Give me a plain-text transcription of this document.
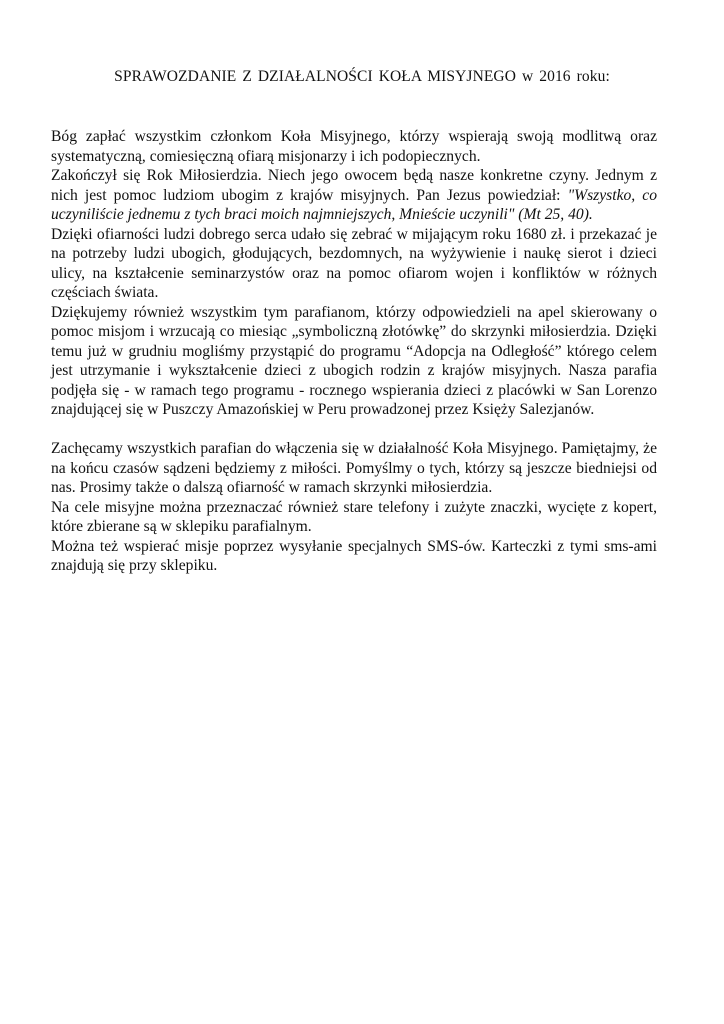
SPRAWOZDANIE Z DZIAŁALNOŚCI KOŁA MISYJNEGO w 2016 roku:

Bóg zapłać wszystkim członkom Koła Misyjnego, którzy wspierają swoją modlitwą oraz systematyczną, comiesięczną ofiarą misjonarzy i ich podopiecznych.

Zakończył się Rok Miłosierdzia. Niech jego owocem będą nasze konkretne czyny. Jednym z nich jest pomoc ludziom ubogim z krajów misyjnych. Pan Jezus powiedział: "Wszystko, co uczyniliście jednemu z tych braci moich najmniejszych, Mnieście uczynili" (Mt 25, 40).

Dzięki ofiarności ludzi dobrego serca udało się zebrać w mijającym roku 1680 zł. i przekazać je na potrzeby ludzi ubogich, głodujących, bezdomnych, na wyżywienie i naukę sierot i dzieci ulicy, na kształcenie seminarzystów oraz na pomoc ofiarom wojen i konfliktów w różnych częściach świata.

Dziękujemy również wszystkim tym parafianom, którzy odpowiedzieli na apel skierowany o pomoc misjom i wrzucają co miesiąc „symboliczną złotówkę” do skrzynki miłosierdzia. Dzięki temu już w grudniu mogliśmy przystąpić do programu “Adopcja na Odległość” którego celem jest utrzymanie i wykształcenie dzieci z ubogich rodzin z krajów misyjnych. Nasza parafia podjęła się - w ramach tego programu - rocznego wspierania dzieci z placówki w San Lorenzo znajdującej się w Puszczy Amazońskiej w Peru prowadzonej przez Księży Salezjanów.

Zachęcamy wszystkich parafian do włączenia się w działalność Koła Misyjnego. Pamiętajmy, że na końcu czasów sądzeni będziemy z miłości. Pomyślmy o tych, którzy są jeszcze biedniejsi od nas. Prosimy także o dalszą ofiarność w ramach skrzynki miłosierdzia.

Na cele misyjne można przeznaczać również stare telefony i zużyte znaczki, wycięte z kopert, które zbierane są w sklepiku parafialnym.

Można też wspierać misje poprzez wysyłanie specjalnych SMS-ów. Karteczki z tymi sms-ami znajdują się przy sklepiku.
